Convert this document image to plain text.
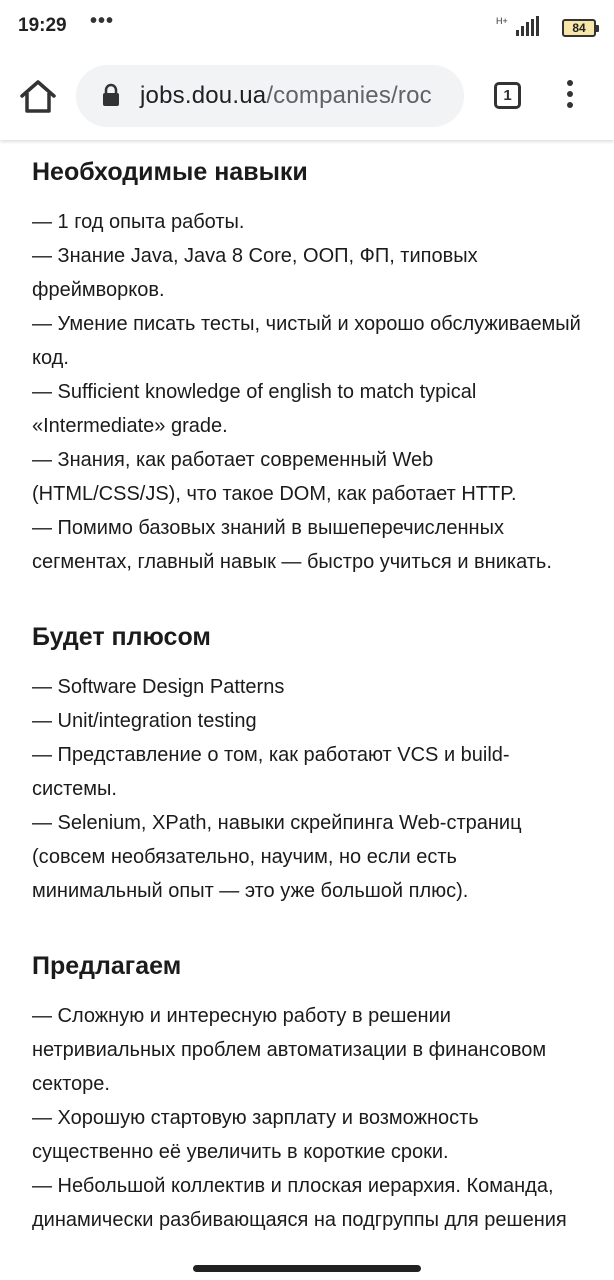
19:29 •••	H+	84
jobs.dou.ua/companies/roc	1
Необходимые навыки
— 1 год опыта работы.
— Знание Java, Java 8 Core, ООП, ФП, типовых фреймворков.
— Умение писать тесты, чистый и хорошо обслуживаемый код.
— Sufficient knowledge of english to match typical «Intermediate» grade.
— Знания, как работает современный Web (HTML/CSS/JS), что такое DOM, как работает HTTP.
— Помимо базовых знаний в вышеперечисленных сегментах, главный навык — быстро учиться и вникать.
Будет плюсом
— Software Design Patterns
— Unit/integration testing
— Представление о том, как работают VCS и build-системы.
— Selenium, XPath, навыки скрейпинга Web-страниц (совсем необязательно, научим, но если есть минимальный опыт — это уже большой плюс).
Предлагаем
— Сложную и интересную работу в решении нетривиальных проблем автоматизации в финансовом секторе.
— Хорошую стартовую зарплату и возможность существенно её увеличить в короткие сроки.
— Небольшой коллектив и плоская иерархия. Команда, динамически разбивающаяся на подгруппы для решения
